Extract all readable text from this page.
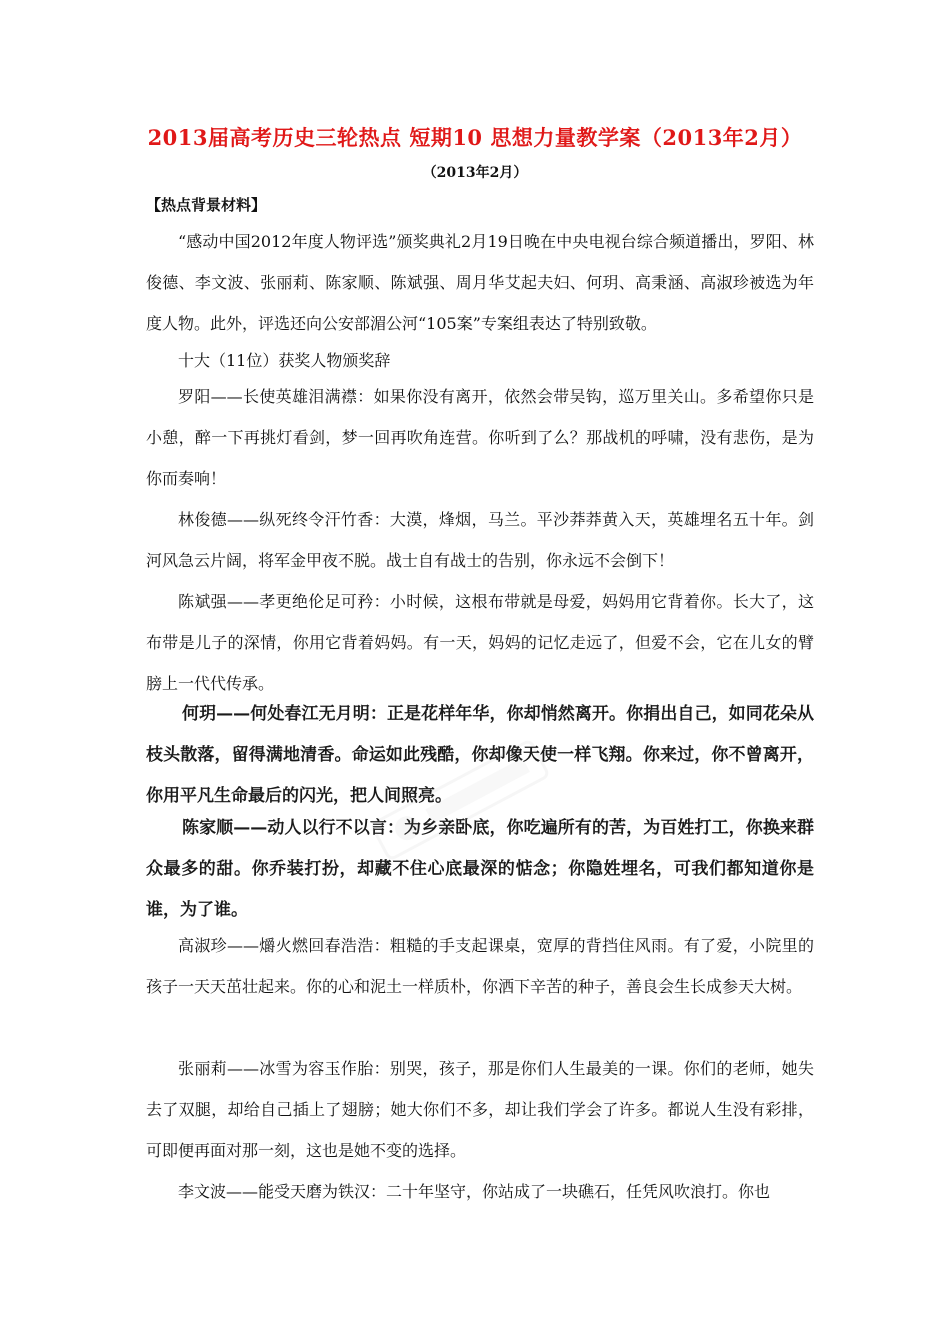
2013届高考历史三轮热点 短期10 思想力量教学案（2013年2月）
（2013年2月）
【热点背景材料】

“感动中国2012年度人物评选”颁奖典礼2月19日晚在中央电视台综合频道播出，罗阳、林俊德、李文波、张丽莉、陈家顺、陈斌强、周月华艾起夫妇、何玥、高秉涵、高淑珍被选为年度人物。此外，评选还向公安部湄公河“105案”专案组表达了特别致敬。

十大（11位）获奖人物颁奖辞

罗阳——长使英雄泪满襟：如果你没有离开，依然会带吴钩，巡万里关山。多希望你只是小憩，醉一下再挑灯看剑，梦一回再吹角连营。你听到了么？那战机的呼啸，没有悲伤，是为你而奏响！

林俊德——纵死终令汗竹香：大漠，烽烟，马兰。平沙莽莽黄入天，英雄埋名五十年。剑河风急云片阔，将军金甲夜不脱。战士自有战士的告别，你永远不会倒下！

陈斌强——孝更绝伦足可矜：小时候，这根布带就是母爱，妈妈用它背着你。长大了，这布带是儿子的深情，你用它背着妈妈。有一天，妈妈的记忆走远了，但爱不会，它在儿女的臂膀上一代代传承。

何玥——何处春江无月明：正是花样年华，你却悄然离开。你捐出自己，如同花朵从枝头散落，留得满地清香。命运如此残酷，你却像天使一样飞翔。你来过，你不曾离开，你用平凡生命最后的闪光，把人间照亮。

陈家顺——动人以行不以言：为乡亲卧底，你吃遍所有的苦，为百姓打工，你换来群众最多的甜。你乔装打扮，却藏不住心底最深的惦念；你隐姓埋名，可我们都知道你是谁，为了谁。

高淑珍——爝火燃回春浩浩：粗糙的手支起课桌，宽厚的背挡住风雨。有了爱，小院里的孩子一天天茁壮起来。你的心和泥土一样质朴，你洒下辛苦的种子，善良会生长成参天大树。

张丽莉——冰雪为容玉作胎：别哭，孩子，那是你们人生最美的一课。你们的老师，她失去了双腿，却给自己插上了翅膀；她大你们不多，却让我们学会了许多。都说人生没有彩排，可即便再面对那一刻，这也是她不变的选择。

李文波——能受天磨为铁汉：二十年坚守，你站成了一块礁石，任凭风吹浪打。你也
